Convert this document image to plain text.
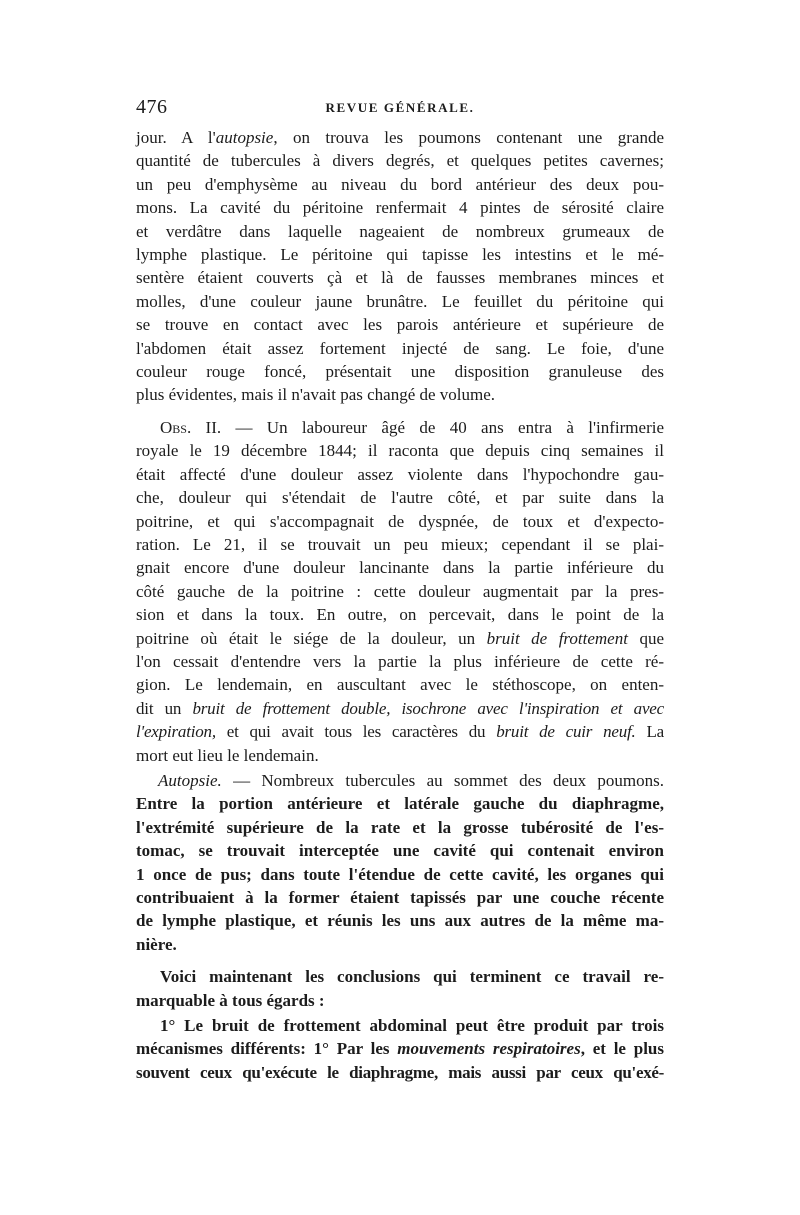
476	REVUE GÉNÉRALE.

jour. A l'autopsie, on trouva les poumons contenant une grande
quantité de tubercules à divers degrés, et quelques petites cavernes;
un peu d'emphysème au niveau du bord antérieur des deux pou-
mons. La cavité du péritoine renfermait 4 pintes de sérosité claire
et verdâtre dans laquelle nageaient de nombreux grumeaux de
lymphe plastique. Le péritoine qui tapisse les intestins et le mé-
sentère étaient couverts çà et là de fausses membranes minces et
molles, d'une couleur jaune brunâtre. Le feuillet du péritoine qui
se trouve en contact avec les parois antérieure et supérieure de
l'abdomen était assez fortement injecté de sang. Le foie, d'une
couleur rouge foncé, présentait une disposition granuleuse des
plus évidentes, mais il n'avait pas changé de volume.

Obs. II. — Un laboureur âgé de 40 ans entra à l'infirmerie
royale le 19 décembre 1844; il raconta que depuis cinq semaines il
était affecté d'une douleur assez violente dans l'hypochondre gau-
che, douleur qui s'étendait de l'autre côté, et par suite dans la
poitrine, et qui s'accompagnait de dyspnée, de toux et d'expecto-
ration. Le 21, il se trouvait un peu mieux; cependant il se plai-
gnait encore d'une douleur lancinante dans la partie inférieure du
côté gauche de la poitrine : cette douleur augmentait par la pres-
sion et dans la toux. En outre, on percevait, dans le point de la
poitrine où était le siége de la douleur, un bruit de frottement que
l'on cessait d'entendre vers la partie la plus inférieure de cette ré-
gion. Le lendemain, en auscultant avec le stéthoscope, on enten-
dit un bruit de frottement double, isochrone avec l'inspiration et avec
l'expiration, et qui avait tous les caractères du bruit de cuir neuf. La
mort eut lieu le lendemain.

Autopsie. — Nombreux tubercules au sommet des deux poumons.
Entre la portion antérieure et latérale gauche du diaphragme,
l'extrémité supérieure de la rate et la grosse tubérosité de l'es-
tomac, se trouvait interceptée une cavité qui contenait environ
1 once de pus; dans toute l'étendue de cette cavité, les organes qui
contribuaient à la former étaient tapissés par une couche récente
de lymphe plastique, et réunis les uns aux autres de la même ma-
nière.

Voici maintenant les conclusions qui terminent ce travail re-
marquable à tous égards :

1° Le bruit de frottement abdominal peut être produit par trois
mécanismes différents: 1° Par les mouvements respiratoires, et le plus
souvent ceux qu'exécute le diaphragme, mais aussi par ceux qu'exé-
